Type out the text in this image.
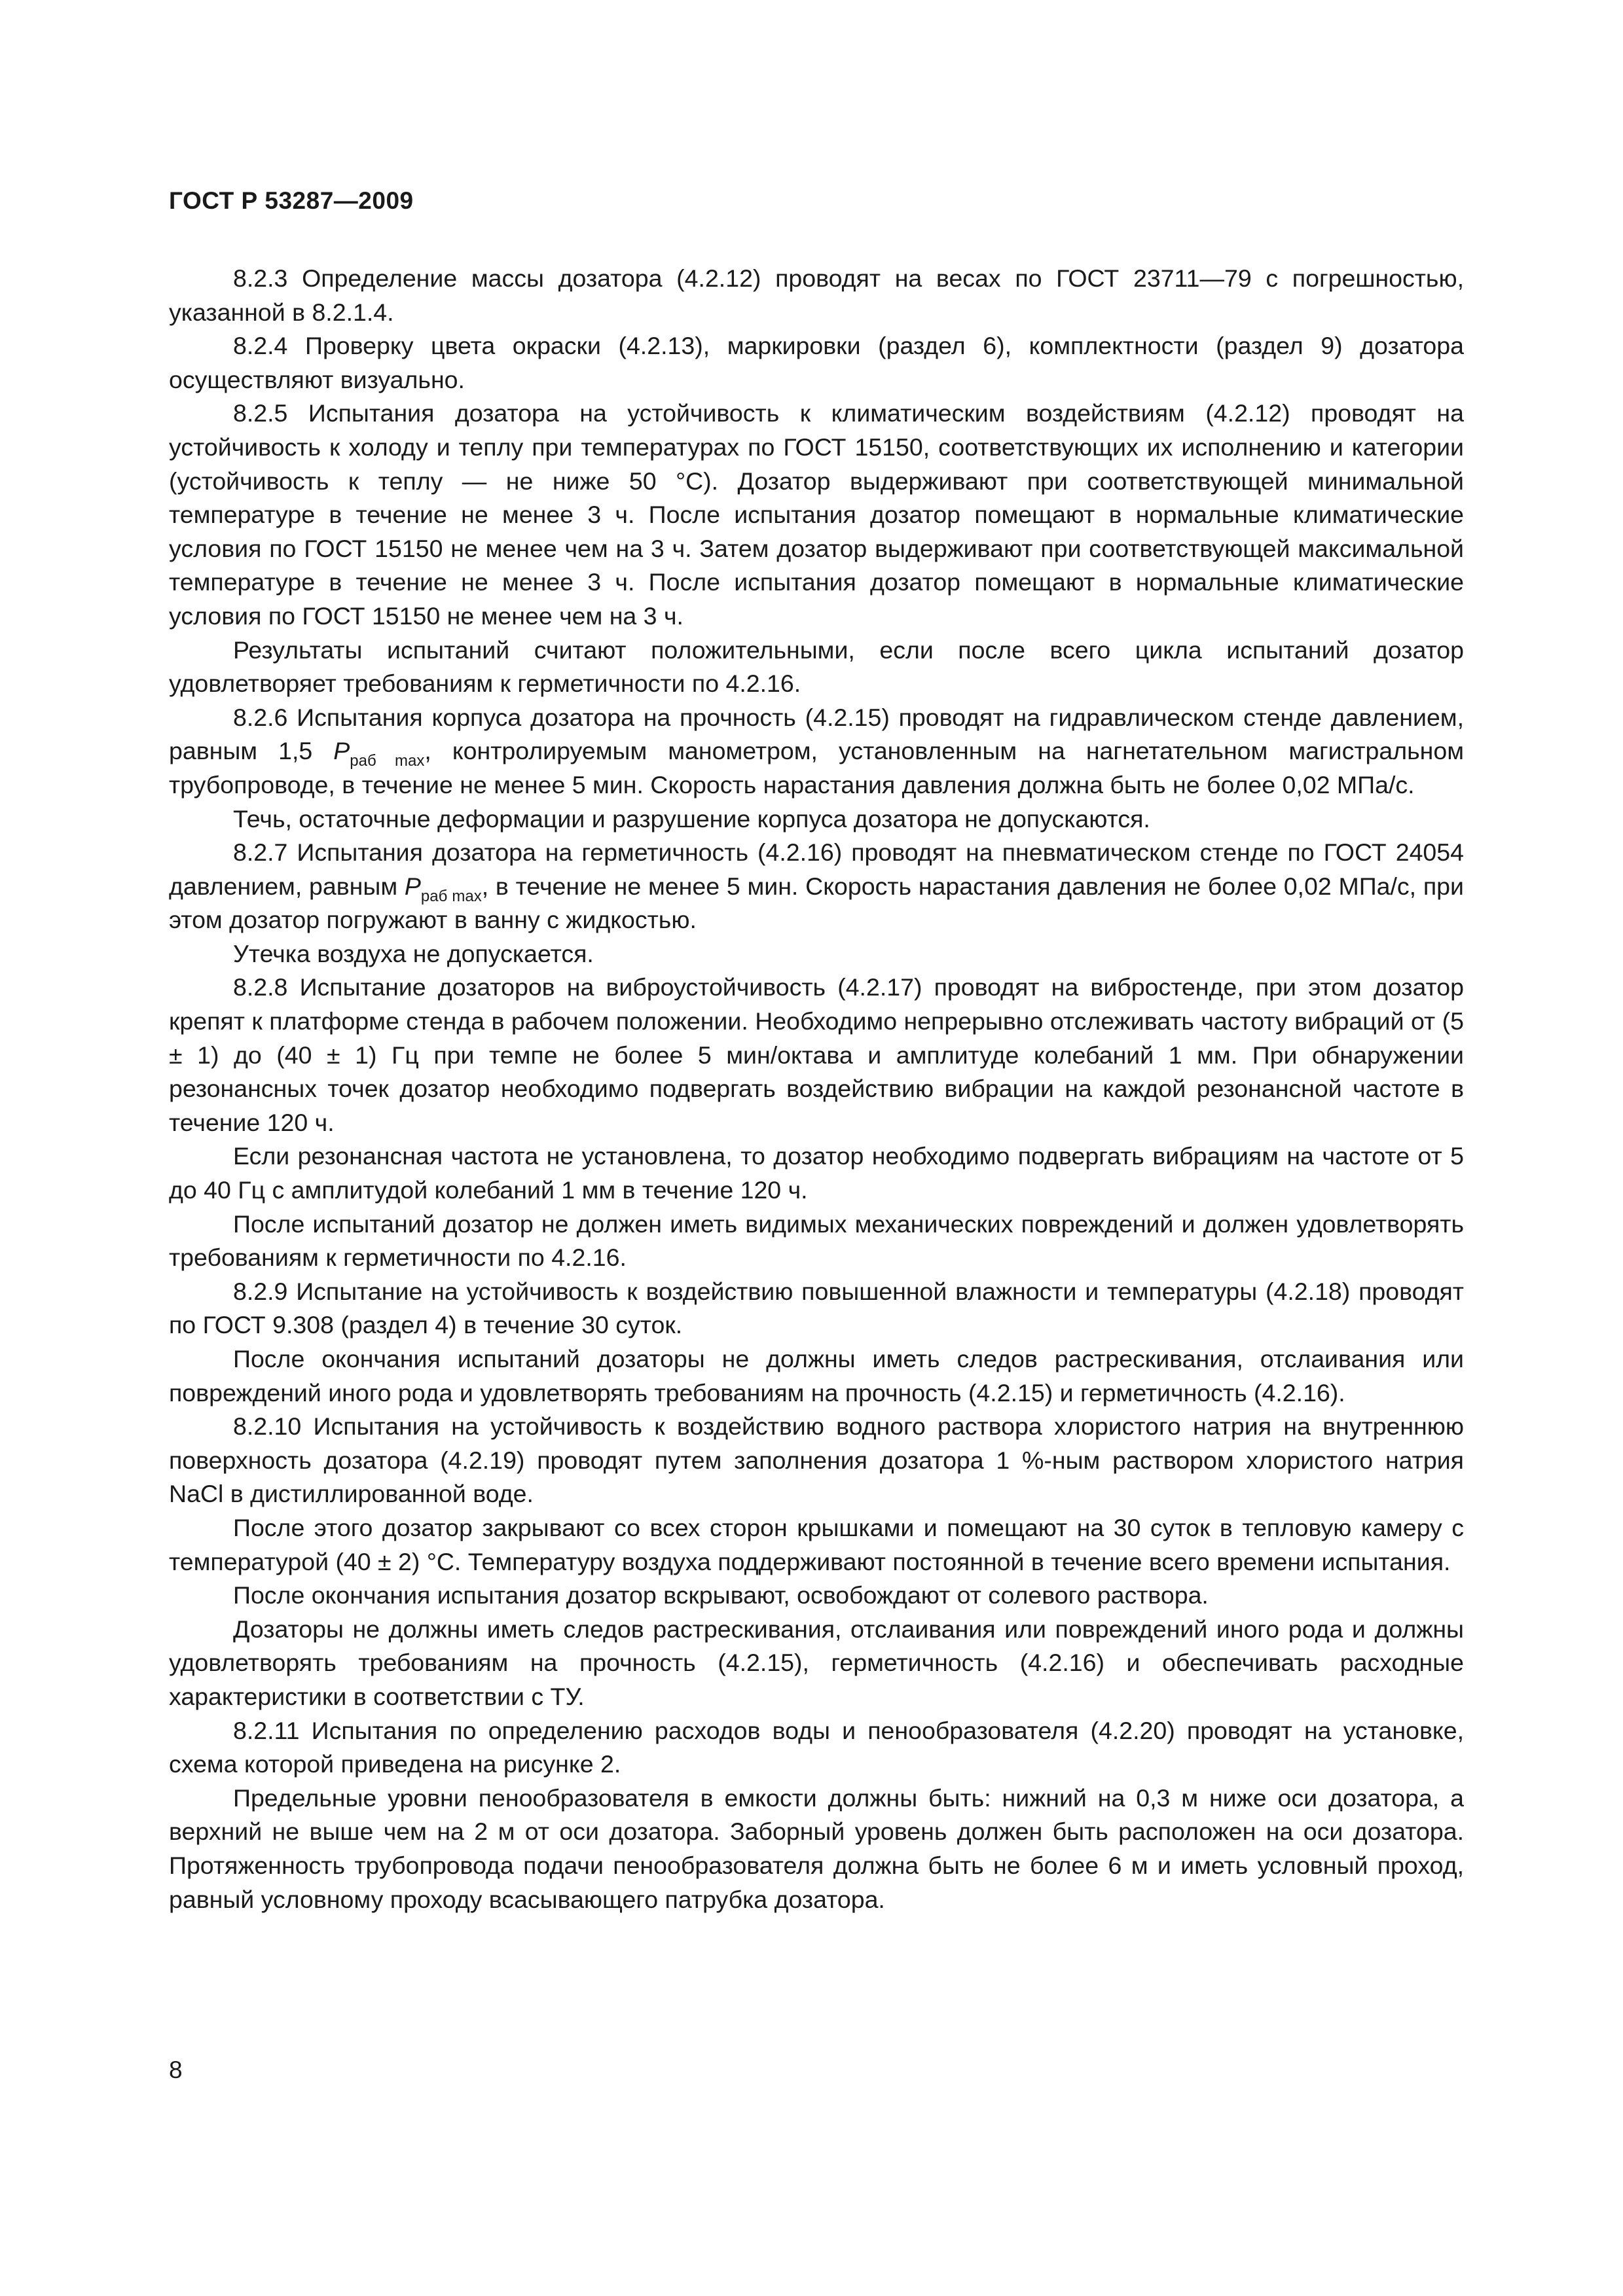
ГОСТ Р 53287—2009

8.2.3 Определение массы дозатора (4.2.12) проводят на весах по ГОСТ 23711—79 с погрешностью, указанной в 8.2.1.4.

8.2.4 Проверку цвета окраски (4.2.13), маркировки (раздел 6), комплектности (раздел 9) дозатора осуществляют визуально.

8.2.5 Испытания дозатора на устойчивость к климатическим воздействиям (4.2.12) проводят на устойчивость к холоду и теплу при температурах по ГОСТ 15150, соответствующих их исполнению и категории (устойчивость к теплу — не ниже 50 °С). Дозатор выдерживают при соответствующей минимальной температуре в течение не менее 3 ч. После испытания дозатор помещают в нормальные климатические условия по ГОСТ 15150 не менее чем на 3 ч. Затем дозатор выдерживают при соответствующей максимальной температуре в течение не менее 3 ч. После испытания дозатор помещают в нормальные климатические условия по ГОСТ 15150 не менее чем на 3 ч.

Результаты испытаний считают положительными, если после всего цикла испытаний дозатор удовлетворяет требованиям к герметичности по 4.2.16.

8.2.6 Испытания корпуса дозатора на прочность (4.2.15) проводят на гидравлическом стенде давлением, равным 1,5 $P_{раб max}$, контролируемым манометром, установленным на нагнетательном магистральном трубопроводе, в течение не менее 5 мин. Скорость нарастания давления должна быть не более 0,02 МПа/с.

Течь, остаточные деформации и разрушение корпуса дозатора не допускаются.

8.2.7 Испытания дозатора на герметичность (4.2.16) проводят на пневматическом стенде по ГОСТ 24054 давлением, равным $P_{раб max}$, в течение не менее 5 мин. Скорость нарастания давления не более 0,02 МПа/с, при этом дозатор погружают в ванну с жидкостью.

Утечка воздуха не допускается.

8.2.8 Испытание дозаторов на виброустойчивость (4.2.17) проводят на вибростенде, при этом дозатор крепят к платформе стенда в рабочем положении. Необходимо непрерывно отслеживать частоту вибраций от (5 ± 1) до (40 ± 1) Гц при темпе не более 5 мин/октава и амплитуде колебаний 1 мм. При обнаружении резонансных точек дозатор необходимо подвергать воздействию вибрации на каждой резонансной частоте в течение 120 ч.

Если резонансная частота не установлена, то дозатор необходимо подвергать вибрациям на частоте от 5 до 40 Гц с амплитудой колебаний 1 мм в течение 120 ч.

После испытаний дозатор не должен иметь видимых механических повреждений и должен удовлетворять требованиям к герметичности по 4.2.16.

8.2.9 Испытание на устойчивость к воздействию повышенной влажности и температуры (4.2.18) проводят по ГОСТ 9.308 (раздел 4) в течение 30 суток.

После окончания испытаний дозаторы не должны иметь следов растрескивания, отслаивания или повреждений иного рода и удовлетворять требованиям на прочность (4.2.15) и герметичность (4.2.16).

8.2.10 Испытания на устойчивость к воздействию водного раствора хлористого натрия на внутреннюю поверхность дозатора (4.2.19) проводят путем заполнения дозатора 1 %-ным раствором хлористого натрия NaCl в дистиллированной воде.

После этого дозатор закрывают со всех сторон крышками и помещают на 30 суток в тепловую камеру с температурой (40 ± 2) °С. Температуру воздуха поддерживают постоянной в течение всего времени испытания.

После окончания испытания дозатор вскрывают, освобождают от солевого раствора.

Дозаторы не должны иметь следов растрескивания, отслаивания или повреждений иного рода и должны удовлетворять требованиям на прочность (4.2.15), герметичность (4.2.16) и обеспечивать расходные характеристики в соответствии с ТУ.

8.2.11 Испытания по определению расходов воды и пенообразователя (4.2.20) проводят на установке, схема которой приведена на рисунке 2.

Предельные уровни пенообразователя в емкости должны быть: нижний на 0,3 м ниже оси дозатора, а верхний не выше чем на 2 м от оси дозатора. Заборный уровень должен быть расположен на оси дозатора. Протяженность трубопровода подачи пенообразователя должна быть не более 6 м и иметь условный проход, равный условному проходу всасывающего патрубка дозатора.

8
